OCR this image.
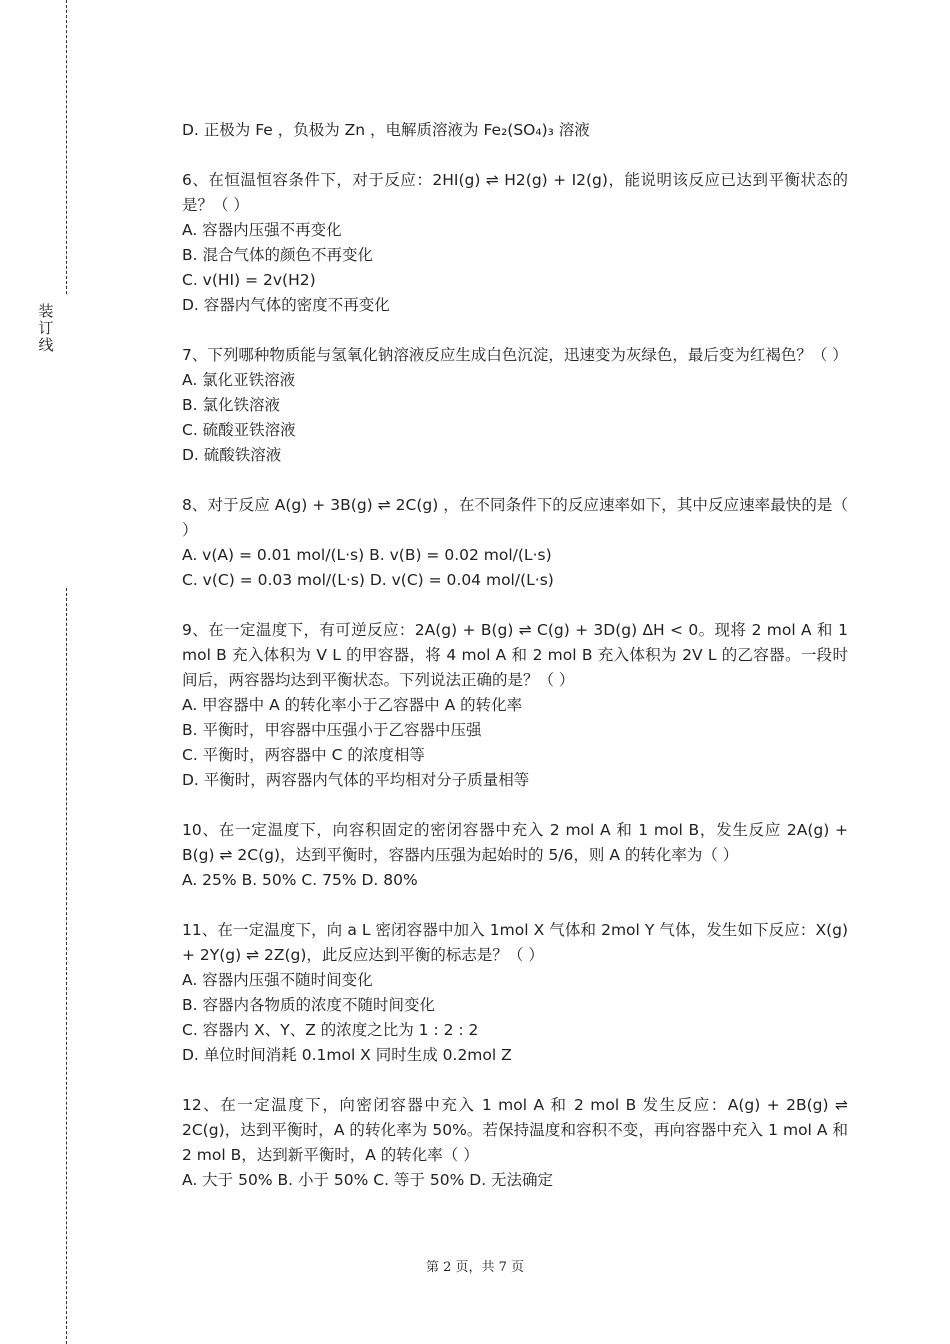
装
订
线

D. 正极为 Fe ，负极为 Zn ，电解质溶液为 Fe₂(SO₄)₃ 溶液

6、在恒温恒容条件下，对于反应：2HI(g) ⇌ H2(g) + I2(g)，能说明该反应已达到平衡状态的是？（ ）

A. 容器内压强不再变化

B. 混合气体的颜色不再变化

C. v(HI) = 2v(H2)

D. 容器内气体的密度不再变化

7、下列哪种物质能与氢氧化钠溶液反应生成白色沉淀，迅速变为灰绿色，最后变为红褐色？（ ）

A. 氯化亚铁溶液

B. 氯化铁溶液

C. 硫酸亚铁溶液

D. 硫酸铁溶液

8、对于反应 A(g) + 3B(g) ⇌ 2C(g) ，在不同条件下的反应速率如下，其中反应速率最快的是（ ）

A. v(A) = 0.01 mol/(L·s) B. v(B) = 0.02 mol/(L·s)

C. v(C) = 0.03 mol/(L·s) D. v(C) = 0.04 mol/(L·s)

9、在一定温度下，有可逆反应：2A(g) + B(g) ⇌ C(g) + 3D(g) ΔH < 0。现将 2 mol A 和 1 mol B 充入体积为 V L 的甲容器，将 4 mol A 和 2 mol B 充入体积为 2V L 的乙容器。一段时间后，两容器均达到平衡状态。下列说法正确的是？（ ）

A. 甲容器中 A 的转化率小于乙容器中 A 的转化率

B. 平衡时，甲容器中压强小于乙容器中压强

C. 平衡时，两容器中 C 的浓度相等

D. 平衡时，两容器内气体的平均相对分子质量相等

10、在一定温度下，向容积固定的密闭容器中充入 2 mol A 和 1 mol B，发生反应 2A(g) + B(g) ⇌ 2C(g)，达到平衡时，容器内压强为起始时的 5/6，则 A 的转化率为（ ）

A. 25% B. 50% C. 75% D. 80%

11、在一定温度下，向 a L 密闭容器中加入 1mol X 气体和 2mol Y 气体，发生如下反应：X(g) + 2Y(g) ⇌ 2Z(g)，此反应达到平衡的标志是？（ ）

A. 容器内压强不随时间变化

B. 容器内各物质的浓度不随时间变化

C. 容器内 X、Y、Z 的浓度之比为 1 : 2 : 2

D. 单位时间消耗 0.1mol X 同时生成 0.2mol Z

12、在一定温度下，向密闭容器中充入 1 mol A 和 2 mol B 发生反应：A(g) + 2B(g) ⇌ 2C(g)，达到平衡时，A 的转化率为 50%。若保持温度和容积不变，再向容器中充入 1 mol A 和 2 mol B，达到新平衡时，A 的转化率（ ）

A. 大于 50% B. 小于 50% C. 等于 50% D. 无法确定

第 2 页，共 7 页
